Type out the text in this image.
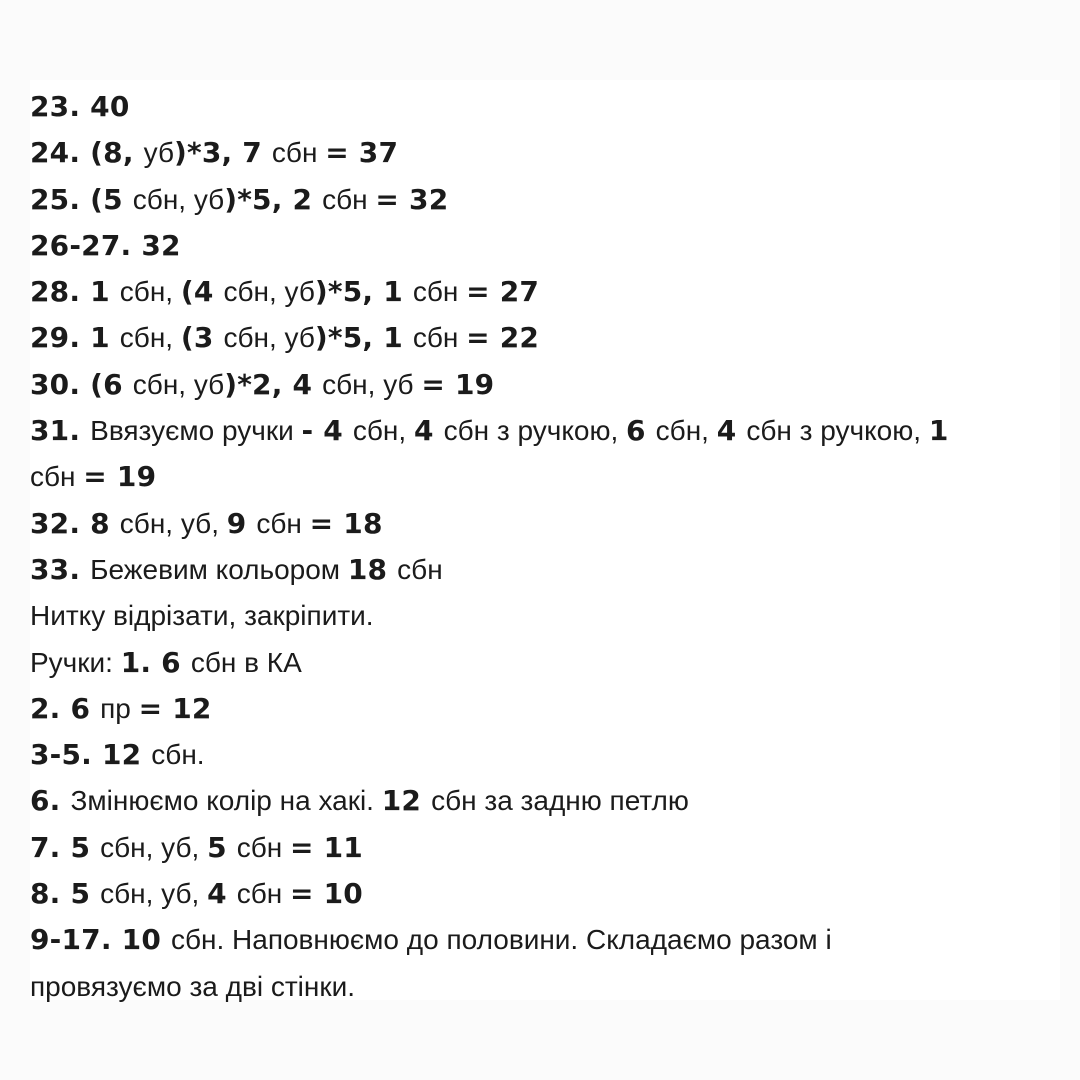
23. 40
24. (8, уб)*3, 7 сбн = 37
25. (5 сбн, уб)*5, 2 сбн = 32
26-27. 32
28. 1 сбн, (4 сбн, уб)*5, 1 сбн = 27
29. 1 сбн, (3 сбн, уб)*5, 1 сбн = 22
30. (6 сбн, уб)*2, 4 сбн, уб = 19
31. Ввязуємо ручки - 4 сбн, 4 сбн з ручкою, 6 сбн, 4 сбн з ручкою, 1
сбн = 19
32. 8 сбн, уб, 9 сбн = 18
33. Бежевим кольором 18 сбн
Нитку відрізати, закріпити.
Ручки: 1. 6 сбн в КА
2. 6 пр = 12
3-5. 12 сбн.
6. Змінюємо колір на хакі. 12 сбн за задню петлю
7. 5 сбн, уб, 5 сбн = 11
8. 5 сбн, уб, 4 сбн = 10
9-17. 10 сбн. Наповнюємо до половини. Складаємо разом і
провязуємо за дві стінки.
